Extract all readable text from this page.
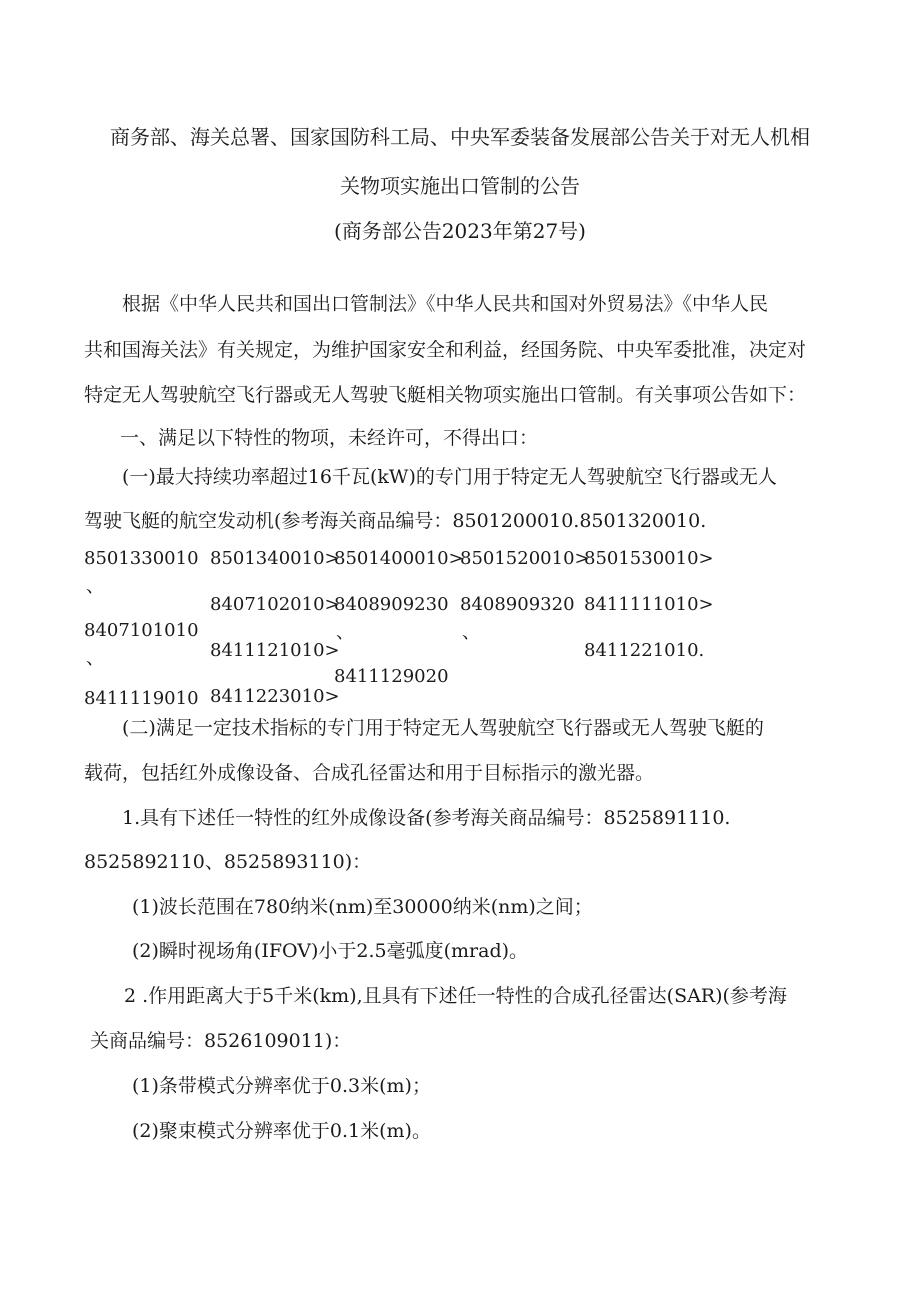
商务部、海关总署、国家国防科工局、中央军委装备发展部公告关于对无人机相
关物项实施出口管制的公告
(商务部公告2023年第27号)
根据《中华人民共和国出口管制法》《中华人民共和国对外贸易法》《中华人民
共和国海关法》有关规定，为维护国家安全和利益，经国务院、中央军委批准，决定对
特定无人驾驶航空飞行器或无人驾驶飞艇相关物项实施出口管制。有关事项公告如下：
一、满足以下特性的物项，未经许可，不得出口：
(一)最大持续功率超过16千瓦(kW)的专门用于特定无人驾驶航空飞行器或无人
驾驶飞艇的航空发动机(参考海关商品编号：8501200010.8501320010.
8501330010
、
8407101010
、
8411119010
8501340010>
8407102010>
8411121010>
8411223010>
8501400010>
8408909230
、
8411129020
8501520010>
8408909320
、
8501530010>
8411111010>
8411221010.
(二)满足一定技术指标的专门用于特定无人驾驶航空飞行器或无人驾驶飞艇的
载荷，包括红外成像设备、合成孔径雷达和用于目标指示的激光器。
1.具有下述任一特性的红外成像设备(参考海关商品编号：8525891110.
8525892110、8525893110)：
(1)波长范围在780纳米(nm)至30000纳米(nm)之间；
(2)瞬时视场角(IFOV)小于2.5毫弧度(mrad)。
2 .作用距离大于5千米(km),且具有下述任一特性的合成孔径雷达(SAR)(参考海
关商品编号：8526109011)：
(1)条带模式分辨率优于0.3米(m)；
(2)聚束模式分辨率优于0.1米(m)。
